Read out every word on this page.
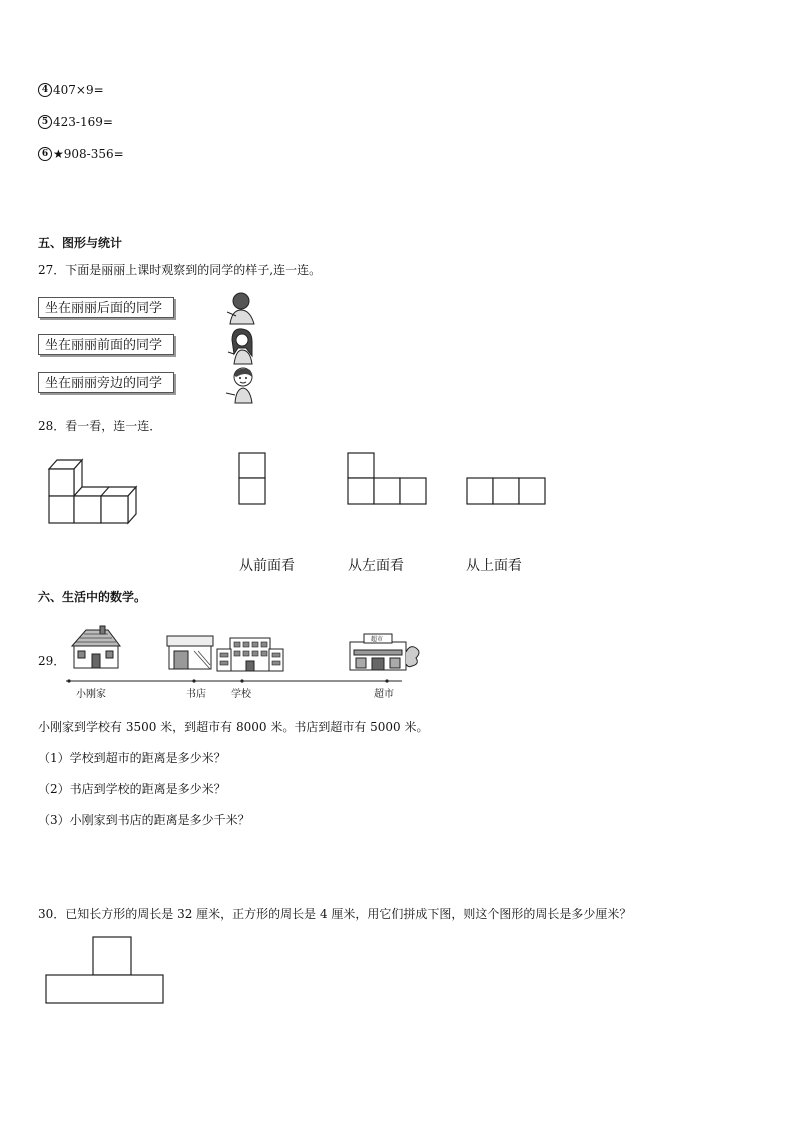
4 407×9=
5 423-169=
6 ★908-356=
五、图形与统计
27．下面是丽丽上课时观察到的同学的样子,连一连。
坐在丽丽后面的同学
坐在丽丽前面的同学
坐在丽丽旁边的同学
28．看一看，连一连．
从前面看	从左面看	从上面看
六、生活中的数学。
29．
超市
小刚家	书店	学校	超市
小刚家到学校有 3500 米，到超市有 8000 米。书店到超市有 5000 米。
（1）学校到超市的距离是多少米？
（2）书店到学校的距离是多少米？
（3）小刚家到书店的距离是多少千米？
30．已知长方形的周长是 32 厘米，正方形的周长是 4 厘米，用它们拼成下图，则这个图形的周长是多少厘米？
